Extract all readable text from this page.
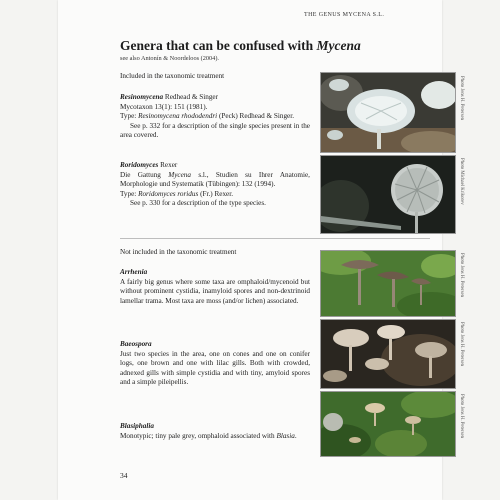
THE GENUS MYCENA S.L.
Genera that can be confused with Mycena
see also Antonín & Noordeloos (2004).
Included in the taxonomic treatment

Resinomycena Redhead & Singer

Mycotaxon 13(1): 151 (1981).

Type: Resinomycena rhododendri (Peck) Redhead & Singer.

See p. 332 for a description of the single species present in the area covered.

Roridomyces Rexer

Die Gattung Mycena s.l., Studien su Ihrer Anatomie, Morphologie und Systematik (Tübingen): 132 (1994).

Type: Roridomyces roridus (Fr.) Rexer.

See p. 330 for a description of the type species.

Not included in the taxonomic treatment

Arrhenia

A fairly big genus where some taxa are omphaloid/mycenoid but without prominent cystidia, inamyloid spores and non-dextrinoid lamellar trama. Most taxa are moss (and/or lichen) associated.

Baeospora

Just two species in the area, one on cones and one on conifer logs, one brown and one with lilac gills. Both with crowded, adnexed gills with simple cystidia and with tiny, amyloid spores and a simple pileipellis.

Blasiphalia

Monotypic; tiny pale grey, omphaloid associated with Blasia.

Photo Jens H. Petersen
Photo Michael Krikorev
Photo Jens H. Petersen
Photo Jens H. Petersen
Photo Jens H. Petersen
34
